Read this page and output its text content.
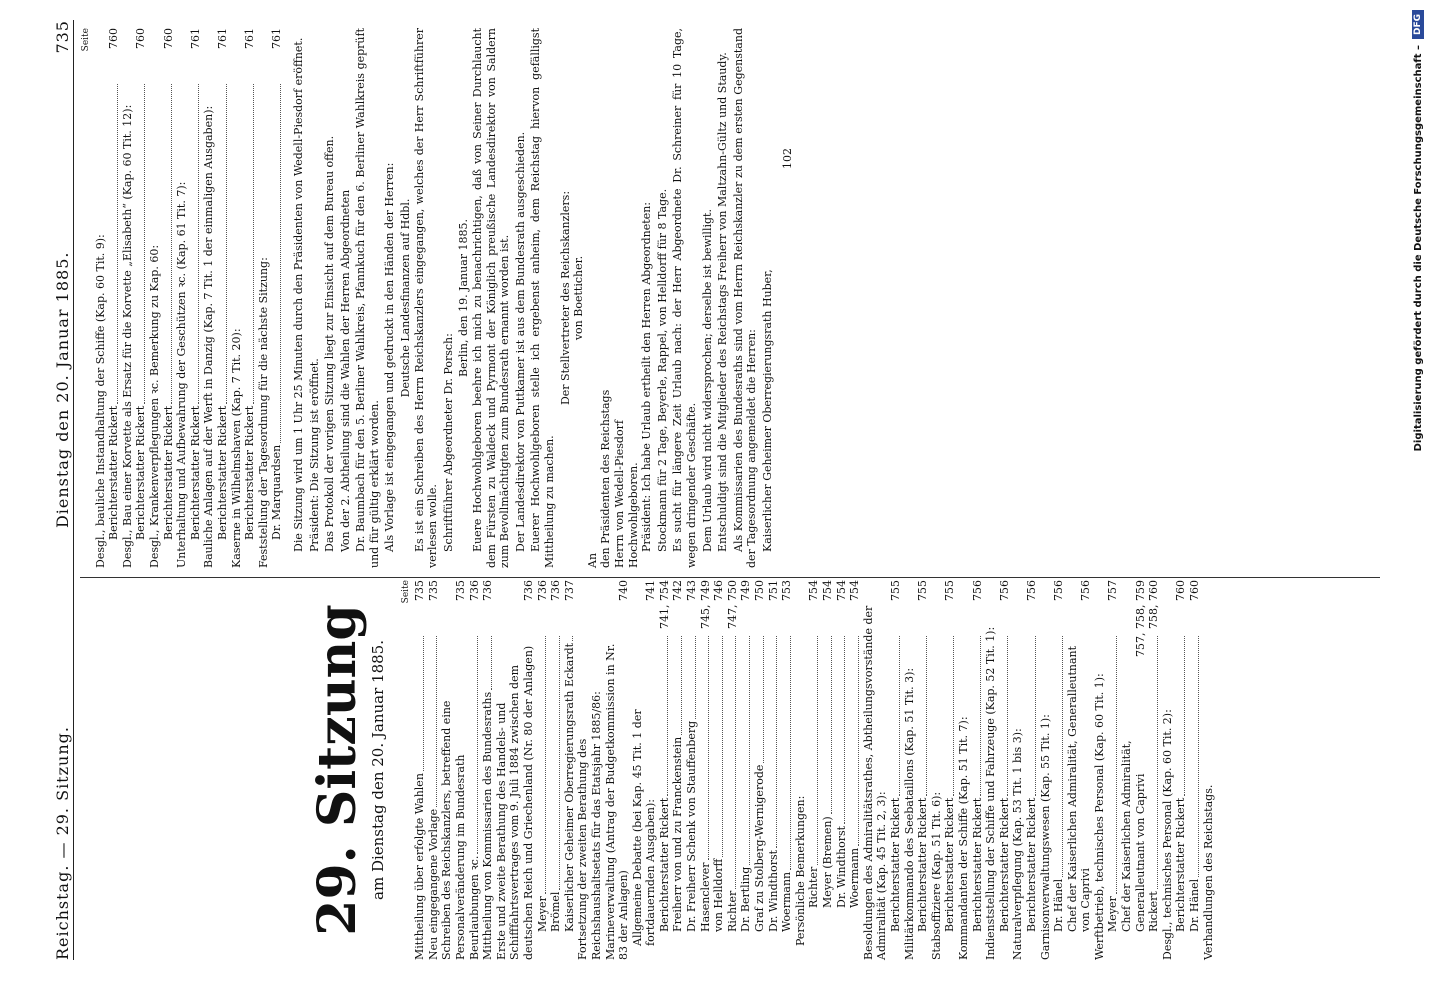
Reichstag. — 29. Sitzung.
Dienstag den 20. Januar 1885.
735
29. Sitzung am Dienstag den 20. Januar 1885.
Seite
Mittheilung über erfolgte Wahlen
735
Neu eingegangene Vorlage
735
Schreiben des Reichskanzlers, betreffend eine Personalveränderung im Bundesrath
735
Beurlaubungen ꝛc.
736
Mittheilung von Kommissarien des Bundesraths
736
Erste und zweite Berathung des Handels- und Schifffahrtsvertrages vom 9. Juli 1884 zwischen dem deutschen Reich und Griechenland (Nr. 80 der Anlagen)
736
Meyer
736
Brömel
736
Kaiserlicher Geheimer Oberregierungsrath Eckardt
737
Fortsetzung der zweiten Berathung des Reichshaushaltsetats für das Etatsjahr 1885/86: Marineverwaltung (Antrag der Budgetkommission in Nr. 83 der Anlagen)
740
Allgemeine Debatte (bei Kap. 45 Tit. 1 der fortdauernden Ausgaben):
741
Berichterstatter Rickert
741, 754
Freiherr von und zu Franckenstein
742
Dr. Freiherr Schenk von Stauffenberg
743
Hasenclever
745, 749
von Helldorff
746
Richter
747, 750
Dr. Bertling
749
Graf zu Stolberg-Wernigerode
750
Dr. Windthorst
751
Woermann
753
Persönliche Bemerkungen: Richter
754
Meyer (Bremen)
754
Dr. Windthorst
754
Woermann
754
Besoldungen des Admiralitätsrathes, Abtheilungsvorstände der Admiralität (Kap. 45 Tit. 2, 3): Berichterstatter Rickert
755
Militärkommando des Seebataillons (Kap. 51 Tit. 3): Berichterstatter Rickert
755
Stabsoffiziere (Kap. 51 Tit. 6): Berichterstatter Rickert
755
Kommandanten der Schiffe (Kap. 51 Tit. 7): Berichterstatter Rickert
756
Indienststellung der Schiffe und Fahrzeuge (Kap. 52 Tit. 1): Berichterstatter Rickert
756
Naturalverpflegung (Kap. 53 Tit. 1 bis 3): Berichterstatter Rickert
756
Garnisonverwaltungswesen (Kap. 55 Tit. 1): Dr. Hänel
756
Chef der Kaiserlichen Admiralität, Generalleutnant von Caprivi
756
Werftbetrieb, technisches Personal (Kap. 60 Tit. 1): Meyer
757
Chef der Kaiserlichen Admiralität, Generalleutnant von Caprivi
757, 758, 759
Rickert
758, 760
Desgl., technisches Personal (Kap. 60 Tit. 2): Berichterstatter Rickert
760
Dr. Hänel
760
Verhandlungen des Reichstags.
Seite
Desgl., bauliche Instandhaltung der Schiffe (Kap. 60 Tit. 9): Berichterstatter Rickert
760
Desgl., Bau einer Korvette als Ersatz für die Korvette „Elisabeth“ (Kap. 60 Tit. 12): Berichterstatter Rickert
760
Desgl., Krankenverpflegungen ꝛc. Bemerkung zu Kap. 60: Berichterstatter Rickert
760
Unterhaltung und Aufbewahrung der Geschützen ꝛc. (Kap. 61 Tit. 7): Berichterstatter Rickert
761
Bauliche Anlagen auf der Werft in Danzig (Kap. 7 Tit. 1 der einmaligen Ausgaben): Berichterstatter Rickert
761
Kaserne in Wilhelmshaven (Kap. 7 Tit. 20): Berichterstatter Rickert
761
Feststellung der Tagesordnung für die nächste Sitzung: Dr. Marquardsen
761 Die Sitzung wird um 1 Uhr 25 Minuten durch den Präsidenten von Wedell-Piesdorf eröffnet. Präsident: Die Sitzung ist eröffnet. Das Protokoll der vorigen Sitzung liegt zur Einsicht auf dem Bureau offen. Von der 2. Abtheilung sind die Wahlen der Herren Abgeordneten Dr. Baumbach für den 5. Berliner Wahlkreis, Pfannkuch für den 6. Berliner Wahlkreis geprüft und für gültig erklärt worden. Als Vorlage ist eingegangen und gedruckt in den Händen der Herren: Deutsche Landesfinanzen auf Hdbl. Es ist ein Schreiben des Herrn Reichskanzlers eingegangen, welches der Herr Schriftführer verlesen wolle. Schriftführer Abgeordneter Dr. Porsch:
Berlin, den 19. Januar 1885. Euere Hochwohlgeboren beehre ich mich zu benachrichtigen, daß von Seiner Durchlaucht dem Fürsten zu Waldeck und Pyrmont der Königlich preußische Landesdirektor von Saldern zum Bevollmächtigten zum Bundesrath ernannt worden ist. Der Landesdirektor von Puttkamer ist aus dem Bundesrath ausgeschieden. Euerer Hochwohlgeboren stelle ich ergebenst anheim, dem Reichstag hiervon gefälligst Mittheilung zu machen.
Der Stellvertreter des Reichskanzlers: von Boetticher.
An den Präsidenten des Reichstags Herrn von Wedell-Piesdorf Hochwohlgeboren. Präsident: Ich habe Urlaub ertheilt den Herren Abgeordneten: Stockmann für 2 Tage, Beyerle, Rappel, von Helldorff für 8 Tage. Es sucht für längere Zeit Urlaub nach: der Herr Abgeordnete Dr. Schreiner für 10 Tage, wegen dringender Geschäfte. Dem Urlaub wird nicht widersprochen; derselbe ist bewilligt. Entschuldigt sind die Mitglieder des Reichstags Freiherr von Maltzahn-Gültz und Staudy. Als Kommissarien des Bundesraths sind vom Herrn Reichskanzler zu dem ersten Gegenstand der Tagesordnung angemeldet die Herren: Kaiserlicher Geheimer Oberregierungsrath Huber,
102	Digitalisierung gefördert durch die Deutsche Forschungsgemeinschaft –
DFG
